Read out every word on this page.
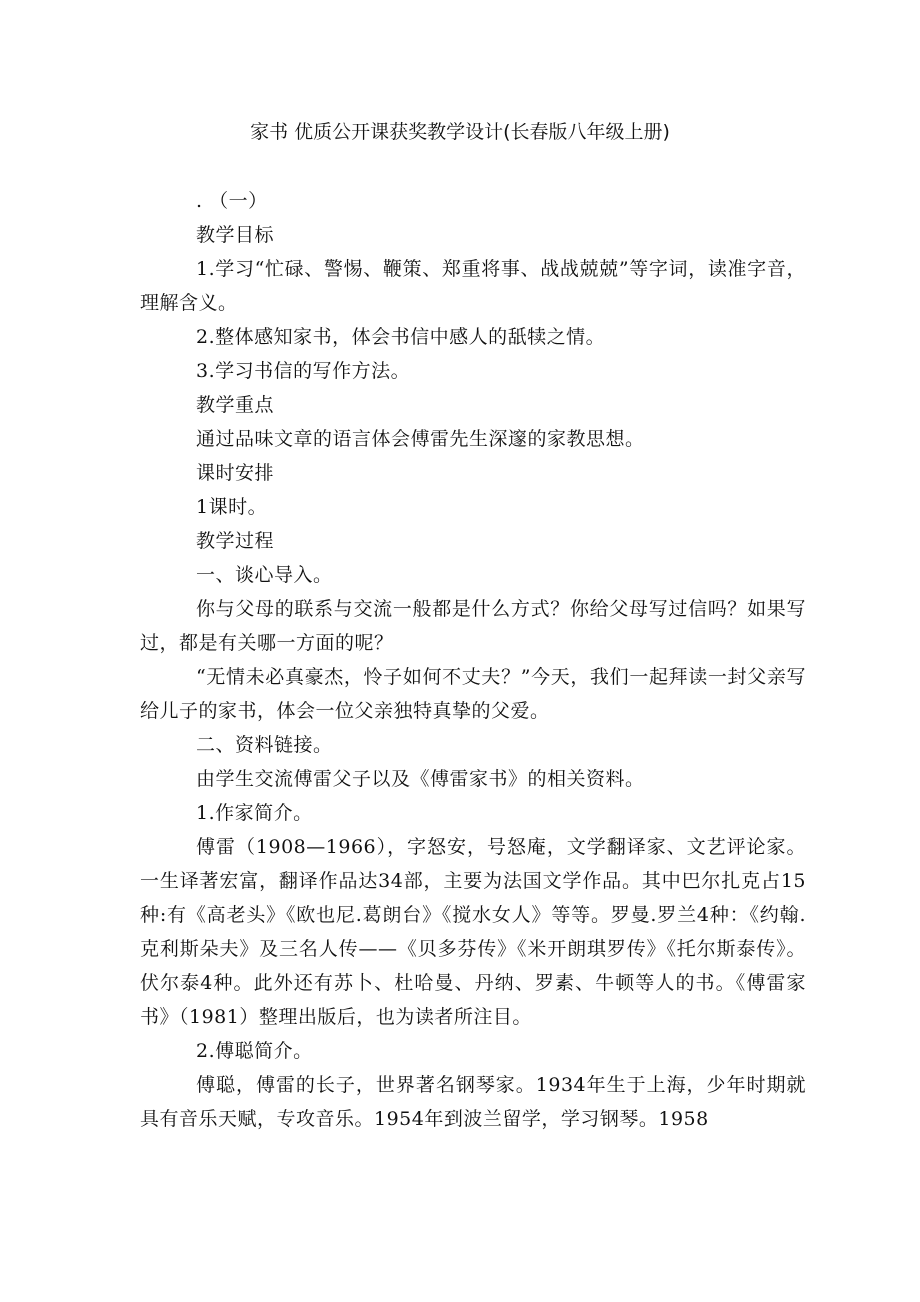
家书 优质公开课获奖教学设计(长春版八年级上册)

. （一）

教学目标

1.学习“忙碌、警惕、鞭策、郑重将事、战战兢兢”等字词，读准字音，理解含义。

2.整体感知家书，体会书信中感人的舐犊之情。

3.学习书信的写作方法。

教学重点

通过品味文章的语言体会傅雷先生深邃的家教思想。

课时安排

1课时。

教学过程

一、谈心导入。

你与父母的联系与交流一般都是什么方式？你给父母写过信吗？如果写过，都是有关哪一方面的呢？

“无情未必真豪杰，怜子如何不丈夫？”今天，我们一起拜读一封父亲写给儿子的家书，体会一位父亲独特真挚的父爱。

二、资料链接。

由学生交流傅雷父子以及《傅雷家书》的相关资料。

1.作家简介。

傅雷（1908—1966），字怒安，号怒庵，文学翻译家、文艺评论家。一生译著宏富，翻译作品达34部，主要为法国文学作品。其中巴尔扎克占15种:有《高老头》《欧也尼.葛朗台》《搅水女人》等等。罗曼.罗兰4种：《约翰.克利斯朵夫》及三名人传——《贝多芬传》《米开朗琪罗传》《托尔斯泰传》。伏尔泰4种。此外还有苏卜、杜哈曼、丹纳、罗素、牛顿等人的书。《傅雷家书》（1981）整理出版后，也为读者所注目。

2.傅聪简介。

傅聪，傅雷的长子，世界著名钢琴家。1934年生于上海，少年时期就具有音乐天赋，专攻音乐。1954年到波兰留学，学习钢琴。1958
